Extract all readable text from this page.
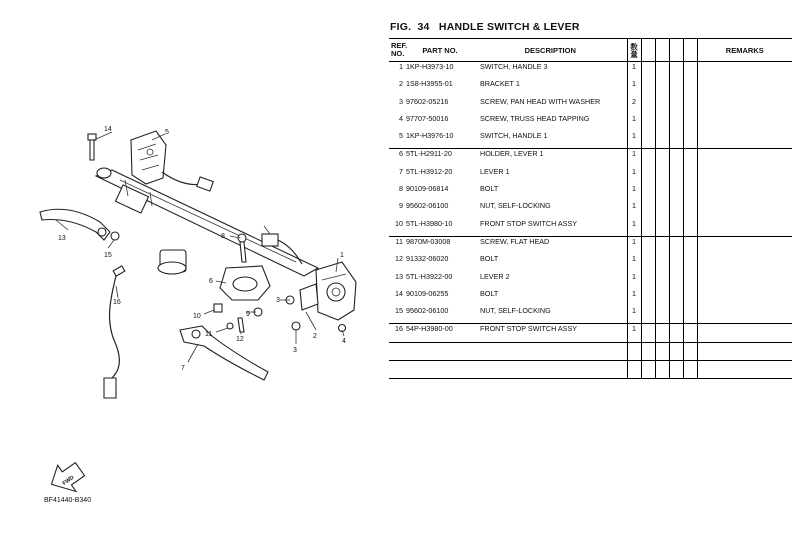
14	5
13
15
16
8
6
1
3
2
3
4
9
10
11
12
7
FWD
BF41440-B340
FIG. 34 HANDLE SWITCH & LEVER
REF. NO.	PART NO.	DESCRIPTION	数量					REMARKS
1	1KP-H3973-10	SWITCH, HANDLE 3	1					
2	1S8-H3955-01	BRACKET 1	1					
3	97602-05216	SCREW, PAN HEAD WITH WASHER	2					
4	97707-50016	SCREW, TRUSS HEAD TAPPING	1					
5	1KP-H3976-10	SWITCH, HANDLE 1	1					
6	5TL-H2911-20	HOLDER, LEVER 1	1					
7	5TL-H3912-20	LEVER 1	1					
8	90109-06814	BOLT	1					
9	95602-06100	NUT, SELF-LOCKING	1					
10	5TL-H3980-10	FRONT STOP SWITCH ASSY	1					
11	9870M-03008	SCREW, FLAT HEAD	1					
12	91332-06020	BOLT	1					
13	5TL-H3922-00	LEVER 2	1					
14	90109-06255	BOLT	1					
15	95602-06100	NUT, SELF-LOCKING	1					
16	54P-H3980-00	FRONT STOP SWITCH ASSY	1					
